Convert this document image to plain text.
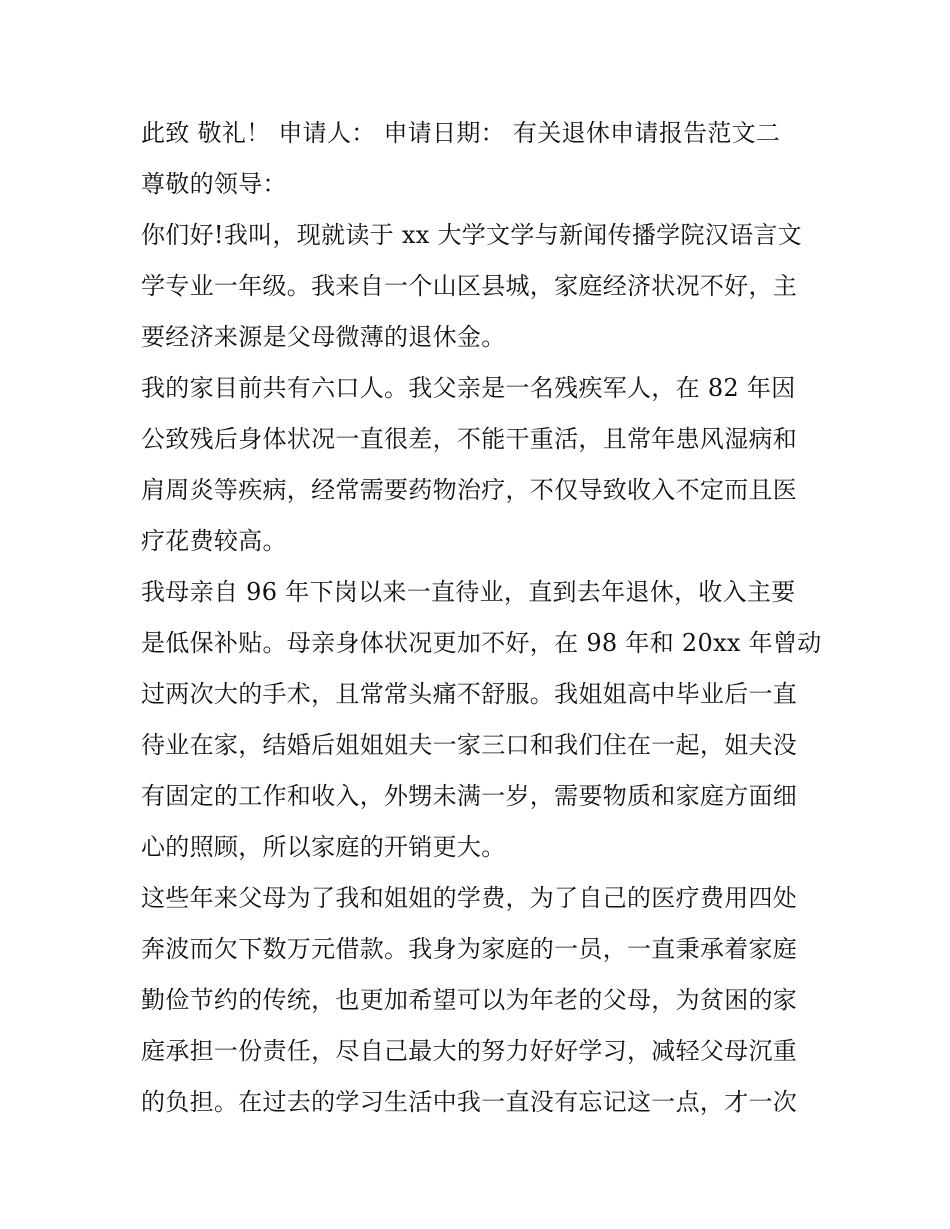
此致 敬礼！ 申请人： 申请日期： 有关退休申请报告范文二
尊敬的领导：
你们好!我叫，现就读于 xx 大学文学与新闻传播学院汉语言文
学专业一年级。我来自一个山区县城，家庭经济状况不好，主
要经济来源是父母微薄的退休金。
我的家目前共有六口人。我父亲是一名残疾军人，在 82 年因
公致残后身体状况一直很差，不能干重活，且常年患风湿病和
肩周炎等疾病，经常需要药物治疗，不仅导致收入不定而且医
疗花费较高。
我母亲自 96 年下岗以来一直待业，直到去年退休，收入主要
是低保补贴。母亲身体状况更加不好，在 98 年和 20xx 年曾动
过两次大的手术，且常常头痛不舒服。我姐姐高中毕业后一直
待业在家，结婚后姐姐姐夫一家三口和我们住在一起，姐夫没
有固定的工作和收入，外甥未满一岁，需要物质和家庭方面细
心的照顾，所以家庭的开销更大。
这些年来父母为了我和姐姐的学费，为了自己的医疗费用四处
奔波而欠下数万元借款。我身为家庭的一员，一直秉承着家庭
勤俭节约的传统，也更加希望可以为年老的父母，为贫困的家
庭承担一份责任，尽自己最大的努力好好学习，减轻父母沉重
的负担。在过去的学习生活中我一直没有忘记这一点，才一次
